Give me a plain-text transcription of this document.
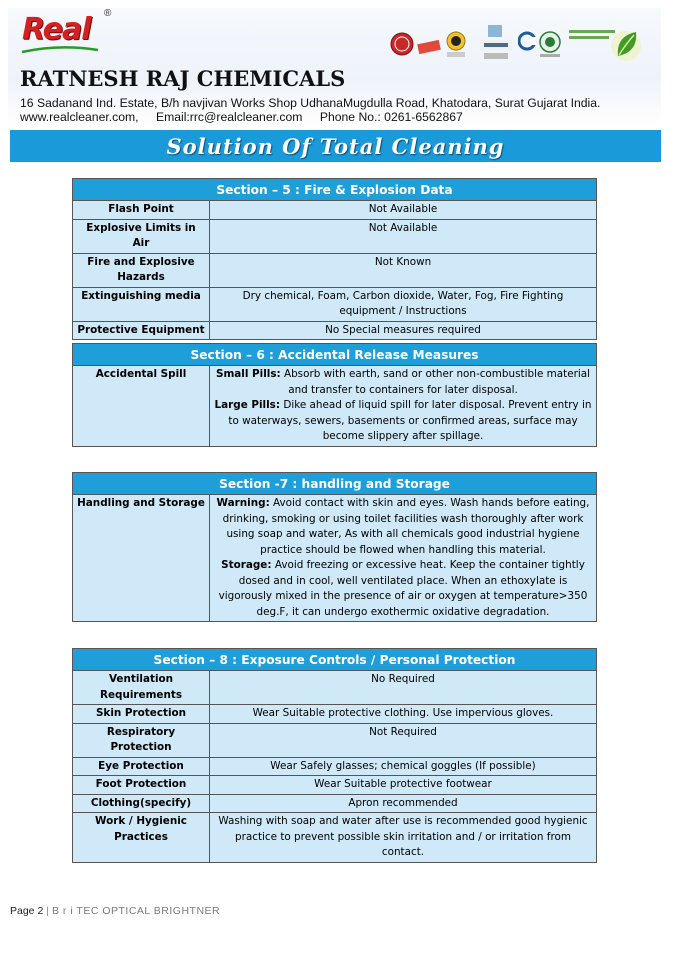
Real ®
RATNESH RAJ CHEMICALS
16 Sadanand Ind. Estate, B/h navjivan Works Shop UdhanaMugdulla Road, Khatodara, Surat Gujarat India.
www.realcleaner.com, Email:rrc@realcleaner.com Phone No.: 0261-6562867
Solution Of Total Cleaning
Section – 5 : Fire & Explosion Data	
Flash Point	Not Available
Explosive Limits in Air	Not Available
Fire and Explosive Hazards	Not Known
Extinguishing media	Dry chemical, Foam, Carbon dioxide, Water, Fog, Fire Fighting equipment / Instructions
Protective Equipment	No Special measures required
Section – 6 : Accidental Release Measures
Accidental Spill	Small Pills: Absorb with earth, sand or other non-combustible material and transfer to containers for later disposal.
Large Pills: Dike ahead of liquid spill for later disposal. Prevent entry in to waterways, sewers, basements or confirmed areas, surface may become slippery after spillage.
Section -7 : handling and Storage
Handling and Storage	Warning: Avoid contact with skin and eyes. Wash hands before eating, drinking, smoking or using toilet facilities wash thoroughly after work using soap and water, As with all chemicals good industrial hygiene practice should be flowed when handling this material.
Storage: Avoid freezing or excessive heat. Keep the container tightly dosed and in cool, well ventilated place. When an ethoxylate is vigorously mixed in the presence of air or oxygen at temperature>350 deg.F, it can undergo exothermic oxidative degradation.
Section – 8 : Exposure Controls / Personal Protection	
Ventilation Requirements	No Required
Skin Protection	Wear Suitable protective clothing. Use impervious gloves.
Respiratory Protection	Not Required
Eye Protection	Wear Safely glasses; chemical goggles (If possible)
Foot Protection	Wear Suitable protective footwear
Clothing(specify)	Apron recommended
Work / Hygienic Practices	Washing with soap and water after use is recommended good hygienic practice to prevent possible skin irritation and / or irritation from contact.
Page 2 | B r i TEC OPTICAL BRIGHTNER
